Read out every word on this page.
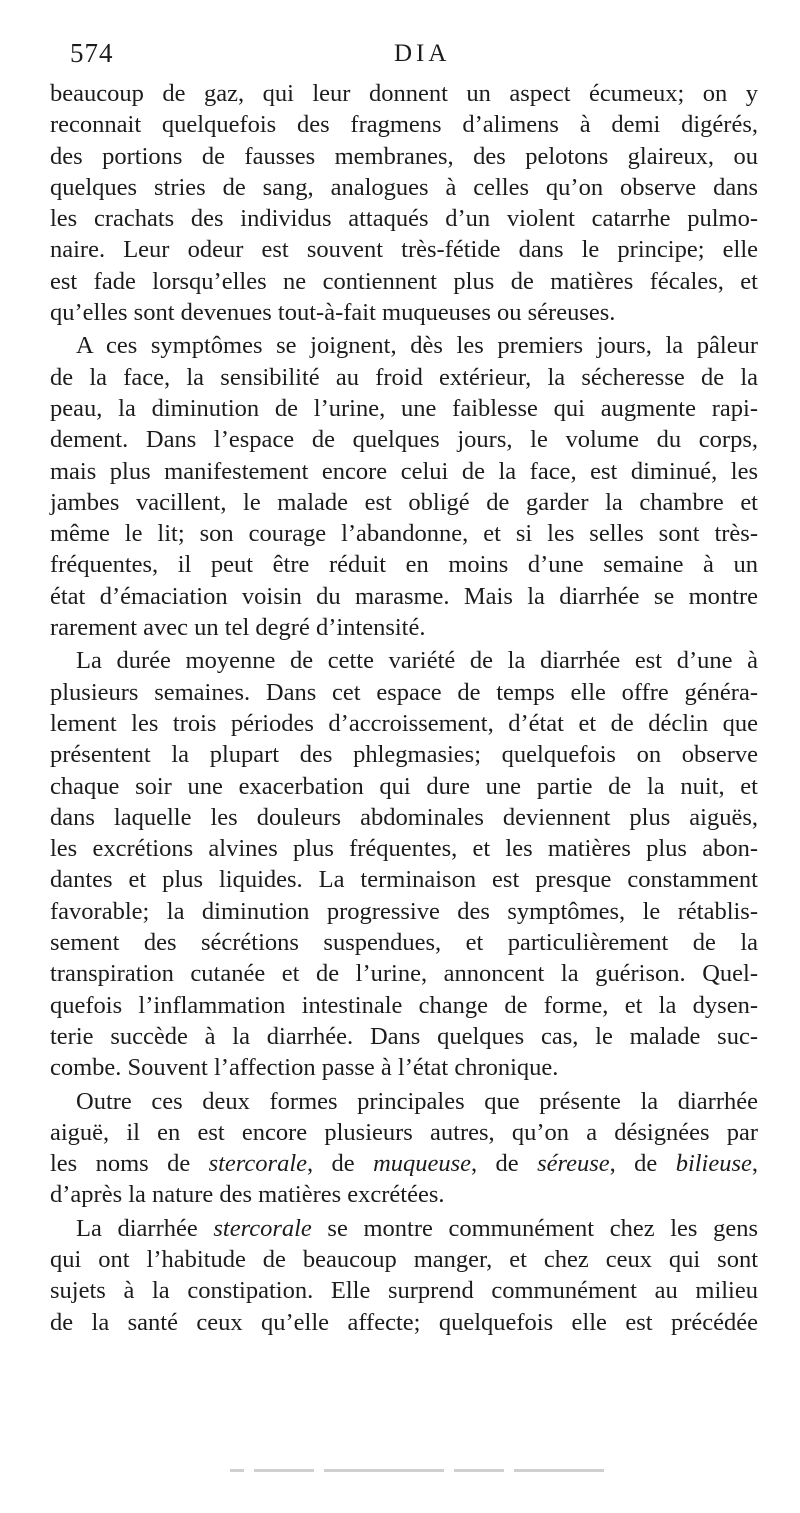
574	DIA
beaucoup de gaz, qui leur donnent un aspect écumeux; on y
reconnait quelquefois des fragmens d’alimens à demi digérés,
des portions de fausses membranes, des pelotons glaireux, ou
quelques stries de sang, analogues à celles qu’on observe dans
les crachats des individus attaqués d’un violent catarrhe pulmo-
naire. Leur odeur est souvent très-fétide dans le principe; elle
est fade lorsqu’elles ne contiennent plus de matières fécales, et
qu’elles sont devenues tout-à-fait muqueuses ou séreuses.
A ces symptômes se joignent, dès les premiers jours, la pâleur
de la face, la sensibilité au froid extérieur, la sécheresse de la
peau, la diminution de l’urine, une faiblesse qui augmente rapi-
dement. Dans l’espace de quelques jours, le volume du corps,
mais plus manifestement encore celui de la face, est diminué, les
jambes vacillent, le malade est obligé de garder la chambre et
même le lit; son courage l’abandonne, et si les selles sont très-
fréquentes, il peut être réduit en moins d’une semaine à un
état d’émaciation voisin du marasme. Mais la diarrhée se montre
rarement avec un tel degré d’intensité.
La durée moyenne de cette variété de la diarrhée est d’une à
plusieurs semaines. Dans cet espace de temps elle offre généra-
lement les trois périodes d’accroissement, d’état et de déclin que
présentent la plupart des phlegmasies; quelquefois on observe
chaque soir une exacerbation qui dure une partie de la nuit, et
dans laquelle les douleurs abdominales deviennent plus aiguës,
les excrétions alvines plus fréquentes, et les matières plus abon-
dantes et plus liquides. La terminaison est presque constamment
favorable; la diminution progressive des symptômes, le rétablis-
sement des sécrétions suspendues, et particulièrement de la
transpiration cutanée et de l’urine, annoncent la guérison. Quel-
quefois l’inflammation intestinale change de forme, et la dysen-
terie succède à la diarrhée. Dans quelques cas, le malade suc-
combe. Souvent l’affection passe à l’état chronique.
Outre ces deux formes principales que présente la diarrhée
aiguë, il en est encore plusieurs autres, qu’on a désignées par
les noms de stercorale, de muqueuse, de séreuse, de bilieuse,
d’après la nature des matières excrétées.
La diarrhée stercorale se montre communément chez les gens
qui ont l’habitude de beaucoup manger, et chez ceux qui sont
sujets à la constipation. Elle surprend communément au milieu
de la santé ceux qu’elle affecte; quelquefois elle est précédée
